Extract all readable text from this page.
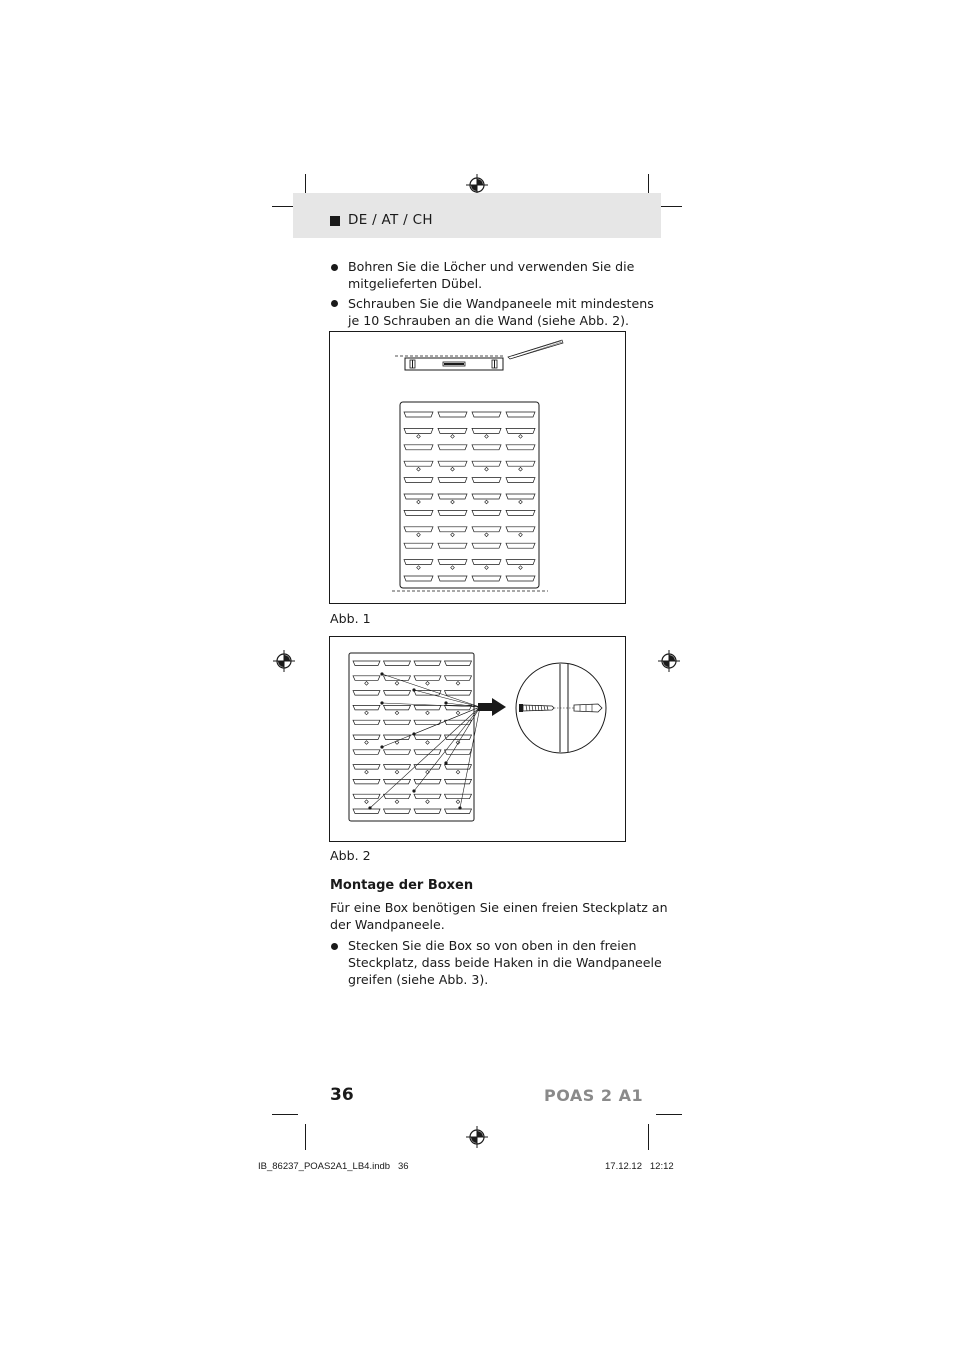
DE / AT / CH
Bohren Sie die Löcher und verwenden Sie die
mitgelieferten Dübel.
Schrauben Sie die Wandpaneele mit mindestens
je 10 Schrauben an die Wand (siehe Abb. 2).
Abb. 1
Abb. 2
Montage der Boxen
Für eine Box benötigen Sie einen freien Steckplatz an
der Wandpaneele.
Stecken Sie die Box so von oben in den freien
Steckplatz, dass beide Haken in die Wandpaneele
greifen (siehe Abb. 3).
36	POAS 2 A1
IB_86237_POAS2A1_LB4.indb   36	17.12.12   12:12
